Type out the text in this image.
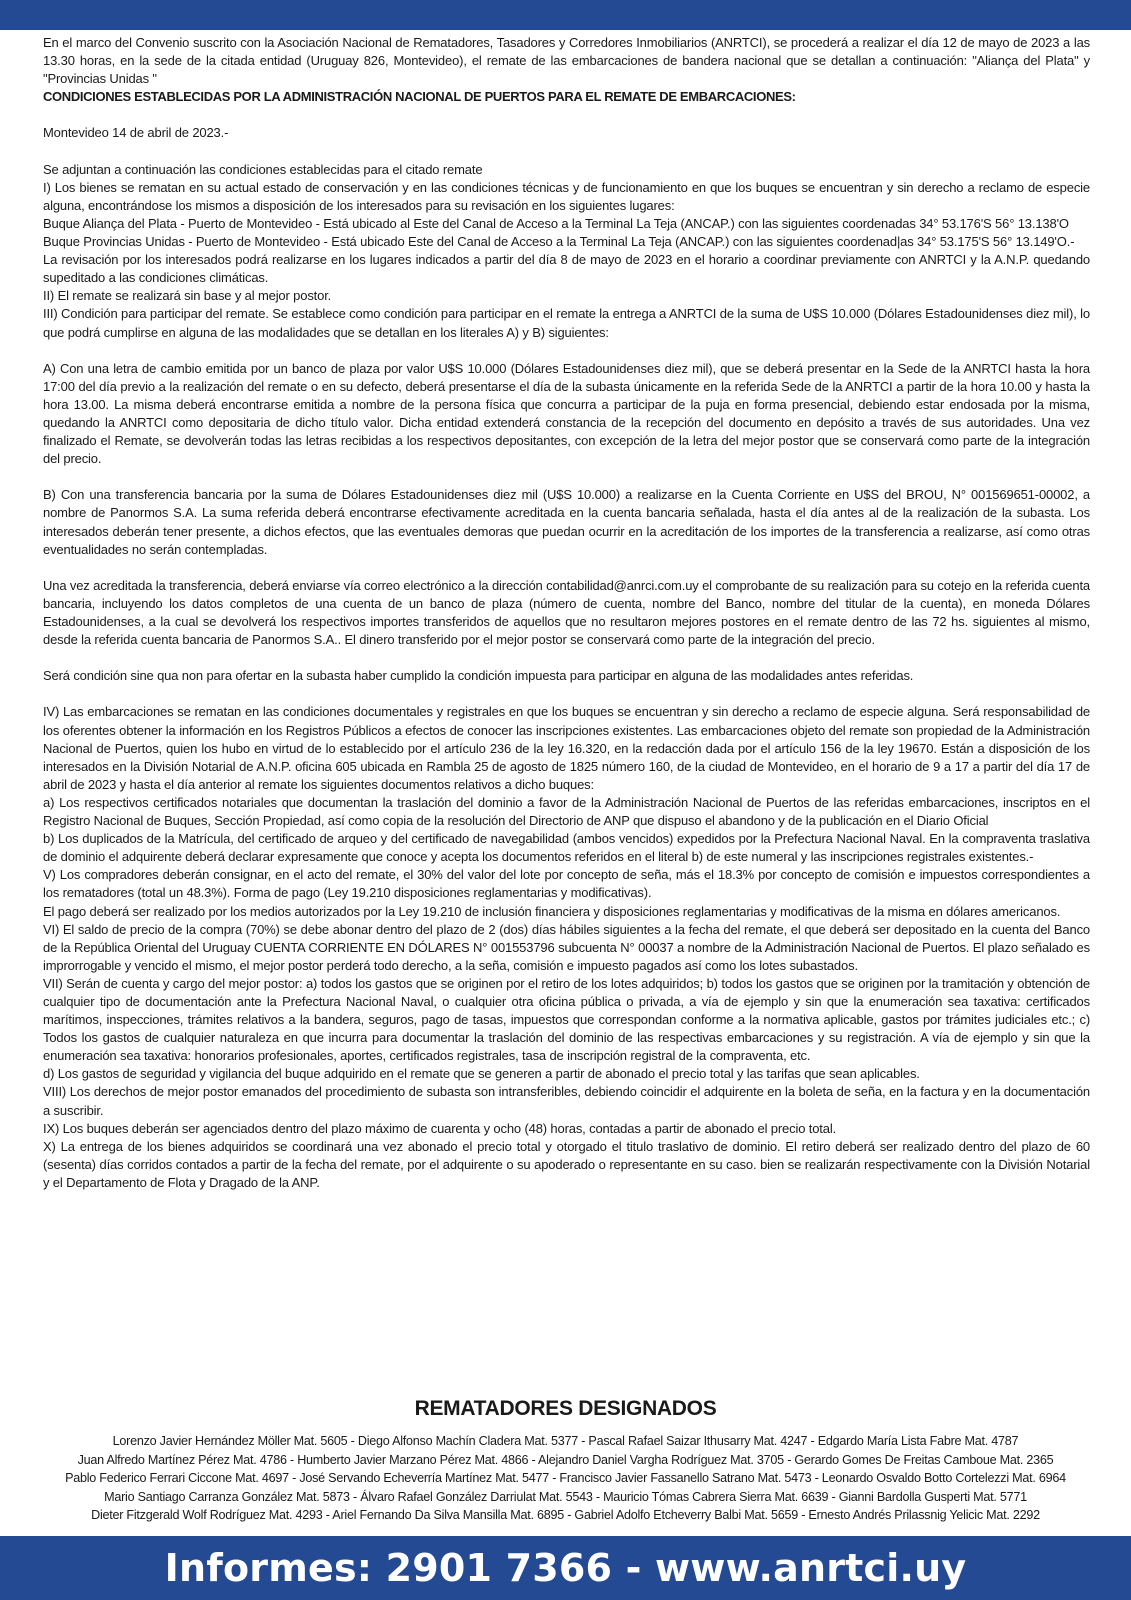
En el marco del Convenio suscrito con la Asociación Nacional de Rematadores, Tasadores y Corredores Inmobiliarios (ANRTCI), se procederá a realizar el día 12 de mayo de 2023 a las 13.30 horas, en la sede de la citada entidad (Uruguay 826, Montevideo), el remate de las embarcaciones de bandera nacional que se detallan a continuación: "Aliança del Plata" y "Provincias Unidas "

CONDICIONES ESTABLECIDAS POR LA ADMINISTRACIÓN NACIONAL DE PUERTOS PARA EL REMATE DE EMBARCACIONES:

Montevideo 14 de abril de 2023.-

Se adjuntan a continuación las condiciones establecidas para el citado remate

I) Los bienes se rematan en su actual estado de conservación y en las condiciones técnicas y de funcionamiento en que los buques se encuentran y sin derecho a reclamo de especie alguna, encontrándose los mismos a disposición de los interesados para su revisación en los siguientes lugares:

Buque Aliança del Plata - Puerto de Montevideo - Está ubicado al Este del Canal de Acceso a la Terminal La Teja (ANCAP.) con las siguientes coordenadas 34° 53.176'S 56° 13.138'O

Buque Provincias Unidas - Puerto de Montevideo - Está ubicado Este del Canal de Acceso a la Terminal La Teja (ANCAP.) con las siguientes coordenad|as 34° 53.175'S 56° 13.149'O.-

La revisación por los interesados podrá realizarse en los lugares indicados a partir del día 8 de mayo de 2023 en el horario a coordinar previamente con ANRTCI y la A.N.P. quedando supeditado a las condiciones climáticas.

II) El remate se realizará sin base y al mejor postor.

III) Condición para participar del remate. Se establece como condición para participar en el remate la entrega a ANRTCI de la suma de U$S 10.000 (Dólares Estadounidenses diez mil), lo que podrá cumplirse en alguna de las modalidades que se detallan en los literales A) y B) siguientes:

A) Con una letra de cambio emitida por un banco de plaza por valor U$S 10.000 (Dólares Estadounidenses diez mil), que se deberá presentar en la Sede de la ANRTCI hasta la hora 17:00 del día previo a la realización del remate o en su defecto, deberá presentarse el día de la subasta únicamente en la referida Sede de la ANRTCI a partir de la hora 10.00 y hasta la hora 13.00. La misma deberá encontrarse emitida a nombre de la persona física que concurra a participar de la puja en forma presencial, debiendo estar endosada por la misma, quedando la ANRTCI como depositaria de dicho título valor. Dicha entidad extenderá constancia de la recepción del documento en depósito a través de sus autoridades. Una vez finalizado el Remate, se devolverán todas las letras recibidas a los respectivos depositantes, con excepción de la letra del mejor postor que se conservará como parte de la integración del precio.

B) Con una transferencia bancaria por la suma de Dólares Estadounidenses diez mil (U$S 10.000) a realizarse en la Cuenta Corriente en U$S del BROU, N° 001569651-00002, a nombre de Panormos S.A. La suma referida deberá encontrarse efectivamente acreditada en la cuenta bancaria señalada, hasta el día antes al de la realización de la subasta. Los interesados deberán tener presente, a dichos efectos, que las eventuales demoras que puedan ocurrir en la acreditación de los importes de la transferencia a realizarse, así como otras eventualidades no serán contempladas.

Una vez acreditada la transferencia, deberá enviarse vía correo electrónico a la dirección contabilidad@anrci.com.uy el comprobante de su realización para su cotejo en la referida cuenta bancaria, incluyendo los datos completos de una cuenta de un banco de plaza (número de cuenta, nombre del Banco, nombre del titular de la cuenta), en moneda Dólares Estadounidenses, a la cual se devolverá los respectivos importes transferidos de aquellos que no resultaron mejores postores en el remate dentro de las 72 hs. siguientes al mismo, desde la referida cuenta bancaria de Panormos S.A.. El dinero transferido por el mejor postor se conservará como parte de la integración del precio.

Será condición sine qua non para ofertar en la subasta haber cumplido la condición impuesta para participar en alguna de las modalidades antes referidas.

IV) Las embarcaciones se rematan en las condiciones documentales y registrales en que los buques se encuentran y sin derecho a reclamo de especie alguna. Será responsabilidad de los oferentes obtener la información en los Registros Públicos a efectos de conocer las inscripciones existentes. Las embarcaciones objeto del remate son propiedad de la Administración Nacional de Puertos, quien los hubo en virtud de lo establecido por el artículo 236 de la ley 16.320, en la redacción dada por el artículo 156 de la ley 19670. Están a disposición de los interesados en la División Notarial de A.N.P. oficina 605 ubicada en Rambla 25 de agosto de 1825 número 160, de la ciudad de Montevideo, en el horario de 9 a 17 a partir del día 17 de abril de 2023 y hasta el día anterior al remate los siguientes documentos relativos a dicho buques:

a) Los respectivos certificados notariales que documentan la traslación del dominio a favor de la Administración Nacional de Puertos de las referidas embarcaciones, inscriptos en el Registro Nacional de Buques, Sección Propiedad, así como copia de la resolución del Directorio de ANP que dispuso el abandono y de la publicación en el Diario Oficial

b) Los duplicados de la Matrícula, del certificado de arqueo y del certificado de navegabilidad (ambos vencidos) expedidos por la Prefectura Nacional Naval. En la compraventa traslativa de dominio el adquirente deberá declarar expresamente que conoce y acepta los documentos referidos en el literal b) de este numeral y las inscripciones registrales existentes.-

V) Los compradores deberán consignar, en el acto del remate, el 30% del valor del lote por concepto de seña, más el 18.3% por concepto de comisión e impuestos correspondientes a los rematadores (total un 48.3%). Forma de pago (Ley 19.210 disposiciones reglamentarias y modificativas).

El pago deberá ser realizado por los medios autorizados por la Ley 19.210 de inclusión financiera y disposiciones reglamentarias y modificativas de la misma en dólares americanos.

VI) El saldo de precio de la compra (70%) se debe abonar dentro del plazo de 2 (dos) días hábiles siguientes a la fecha del remate, el que deberá ser depositado en la cuenta del Banco de la República Oriental del Uruguay CUENTA CORRIENTE EN DÓLARES N° 001553796 subcuenta N° 00037 a nombre de la Administración Nacional de Puertos. El plazo señalado es improrrogable y vencido el mismo, el mejor postor perderá todo derecho, a la seña, comisión e impuesto pagados así como los lotes subastados.

VII) Serán de cuenta y cargo del mejor postor: a) todos los gastos que se originen por el retiro de los lotes adquiridos; b) todos los gastos que se originen por la tramitación y obtención de cualquier tipo de documentación ante la Prefectura Nacional Naval, o cualquier otra oficina pública o privada, a vía de ejemplo y sin que la enumeración sea taxativa: certificados marítimos, inspecciones, trámites relativos a la bandera, seguros, pago de tasas, impuestos que correspondan conforme a la normativa aplicable, gastos por trámites judiciales etc.; c) Todos los gastos de cualquier naturaleza en que incurra para documentar la traslación del dominio de las respectivas embarcaciones y su registración. A vía de ejemplo y sin que la enumeración sea taxativa: honorarios profesionales, aportes, certificados registrales, tasa de inscripción registral de la compraventa, etc.

d) Los gastos de seguridad y vigilancia del buque adquirido en el remate que se generen a partir de abonado el precio total y las tarifas que sean aplicables.

VIII) Los derechos de mejor postor emanados del procedimiento de subasta son intransferibles, debiendo coincidir el adquirente en la boleta de seña, en la factura y en la documentación a suscribir.

IX) Los buques deberán ser agenciados dentro del plazo máximo de cuarenta y ocho (48) horas, contadas a partir de abonado el precio total.

X) La entrega de los bienes adquiridos se coordinará una vez abonado el precio total y otorgado el titulo traslativo de dominio. El retiro deberá ser realizado dentro del plazo de 60 (sesenta) días corridos contados a partir de la fecha del remate, por el adquirente o su apoderado o representante en su caso. bien se realizarán respectivamente con la División Notarial y el Departamento de Flota y Dragado de la ANP.

REMATADORES DESIGNADOS
Lorenzo Javier Hernández Möller Mat. 5605 - Diego Alfonso Machín Cladera Mat. 5377 - Pascal Rafael Saizar Ithusarry Mat. 4247 - Edgardo María Lista Fabre Mat. 4787
Juan Alfredo Martínez Pérez Mat. 4786 - Humberto Javier Marzano Pérez Mat. 4866 - Alejandro Daniel Vargha Rodríguez Mat. 3705 - Gerardo Gomes De Freitas Camboue Mat. 2365
Pablo Federico Ferrari Ciccone Mat. 4697 - José Servando Echeverría Martínez Mat. 5477 - Francisco Javier Fassanello Satrano Mat. 5473 - Leonardo Osvaldo Botto Cortelezzi Mat. 6964
Mario Santiago Carranza González Mat. 5873 - Álvaro Rafael González Darriulat Mat. 5543 - Mauricio Tómas Cabrera Sierra Mat. 6639 - Gianni Bardolla Gusperti Mat. 5771
Dieter Fitzgerald Wolf Rodríguez Mat. 4293 - Ariel Fernando Da Silva Mansilla Mat. 6895 - Gabriel Adolfo Etcheverry Balbi Mat. 5659 - Ernesto Andrés Prilassnig Yelicic Mat. 2292
Informes: 2901 7366 - www.anrtci.uy
